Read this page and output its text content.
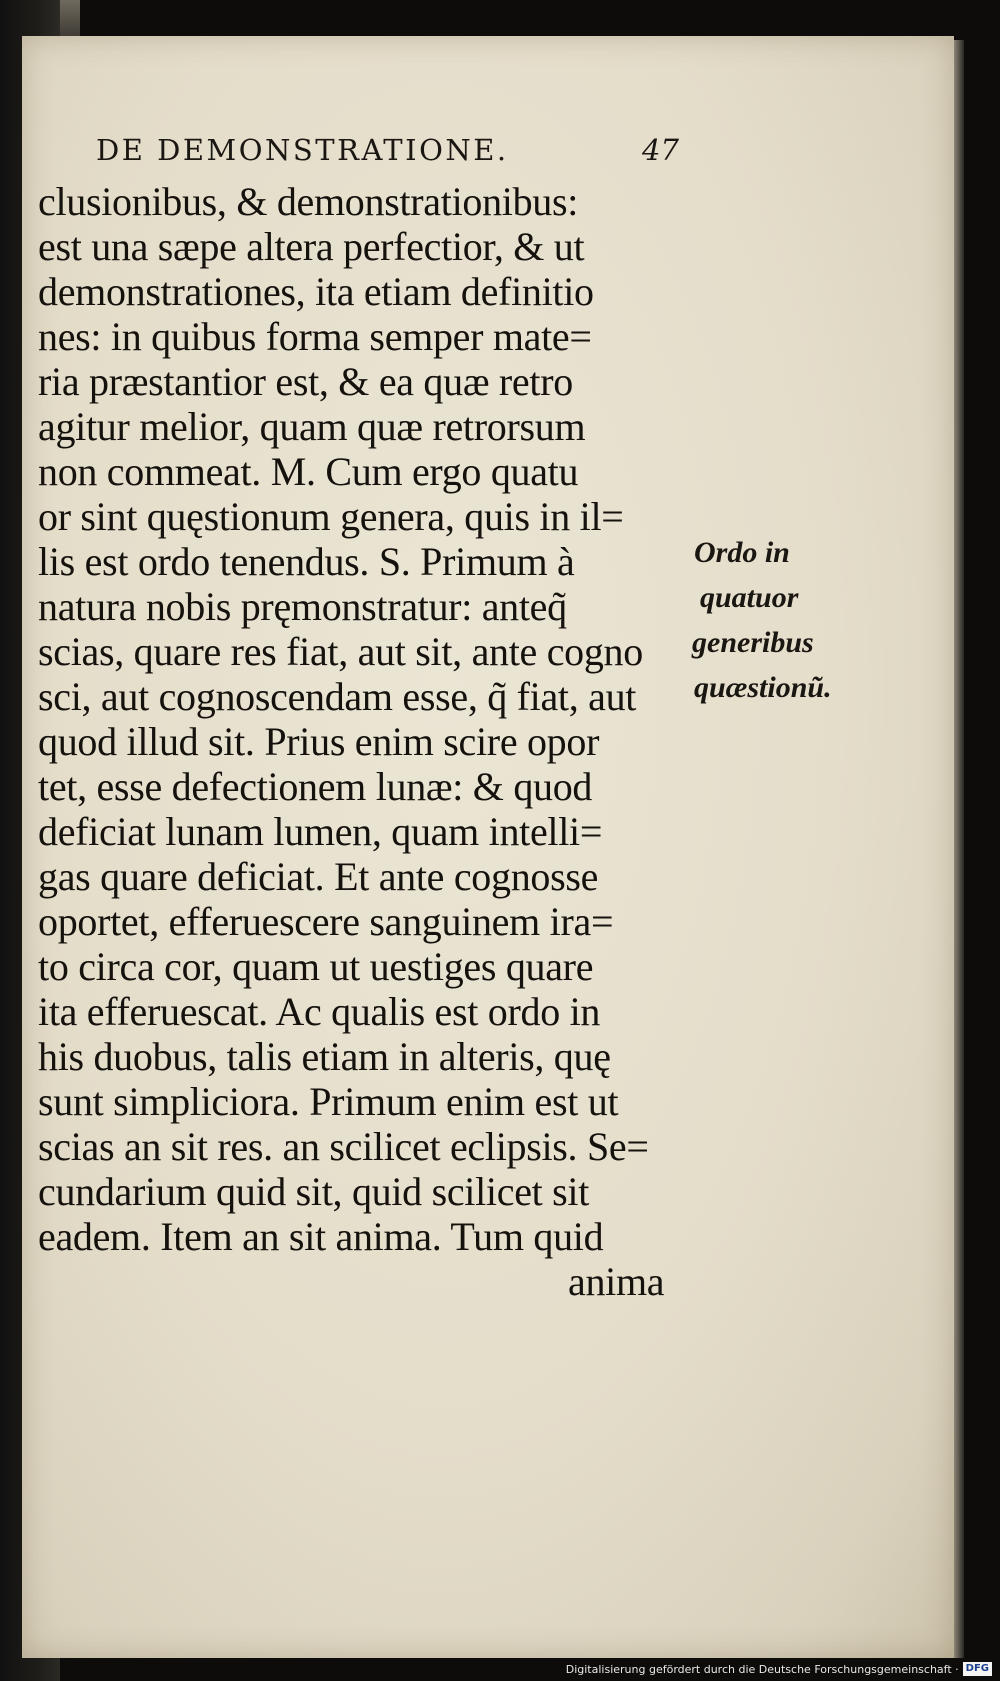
DE DEMONSTRATIONE.	47
clusionibus, & demonstrationibus:
est una sæpe altera perfectior, & ut
demonstrationes, ita etiam definitio
nes: in quibus forma semper mate=
ria præstantior est, & ea quæ retro
agitur melior, quam quæ retrorsum
non commeat. M. Cum ergo quatu
or sint quęstionum genera, quis in il=
lis est ordo tenendus. S. Primum à
natura nobis pręmonstratur: anteq̃
scias, quare res fiat, aut sit, ante cogno
sci, aut cognoscendam esse, q̃ fiat, aut
quod illud sit. Prius enim scire opor
tet, esse defectionem lunæ: & quod
deficiat lunam lumen, quam intelli=
gas quare deficiat. Et ante cognosse
oportet, efferuescere sanguinem ira=
to circa cor, quam ut uestiges quare
ita efferuescat. Ac qualis est ordo in
his duobus, talis etiam in alteris, quę
sunt simpliciora. Primum enim est ut
scias an sit res. an scilicet eclipsis. Se=
cundarium quid sit, quid scilicet sit
eadem. Item an sit anima. Tum quid
anima
Ordo in
quatuor
generibus
quæstionũ.
Digitalisierung gefördert durch die Deutsche Forschungsgemeinschaft · DFG
